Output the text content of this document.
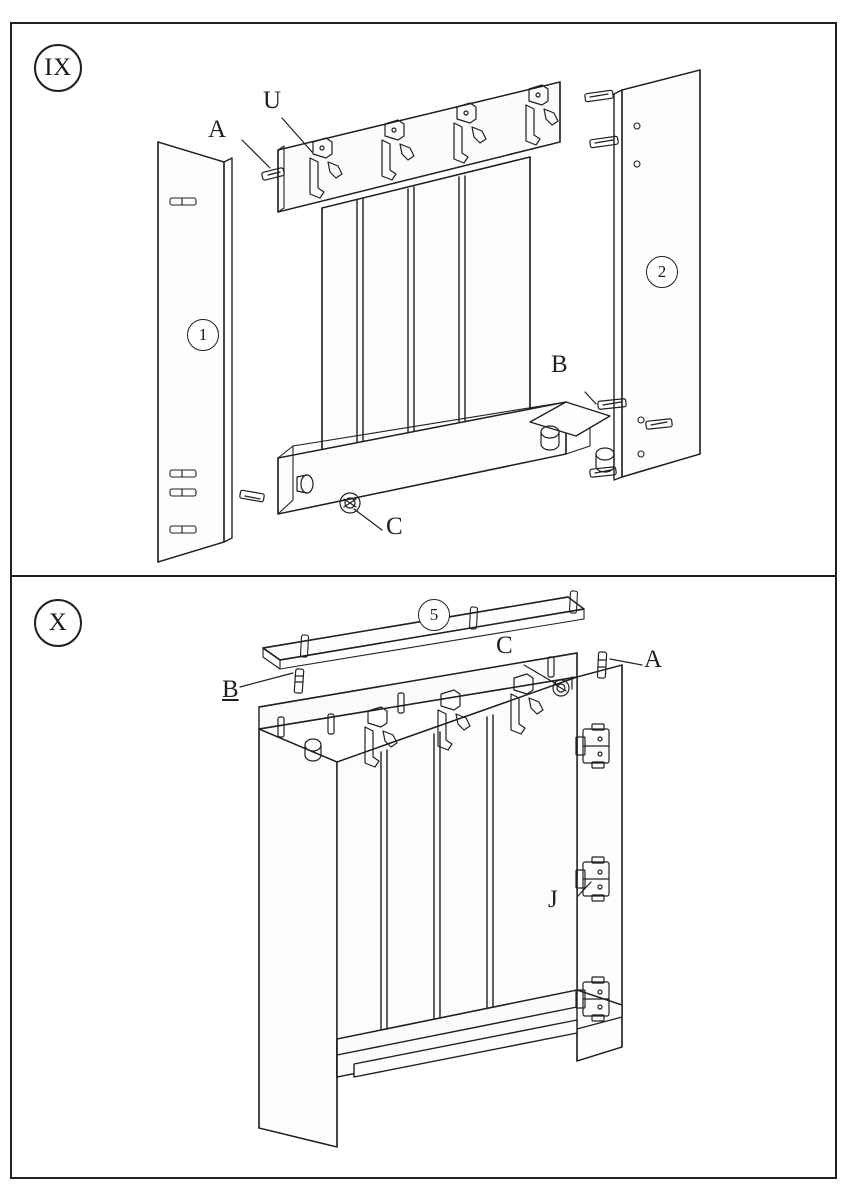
IX
A
U
B
C
1
2
X	5
B
C
A
J
